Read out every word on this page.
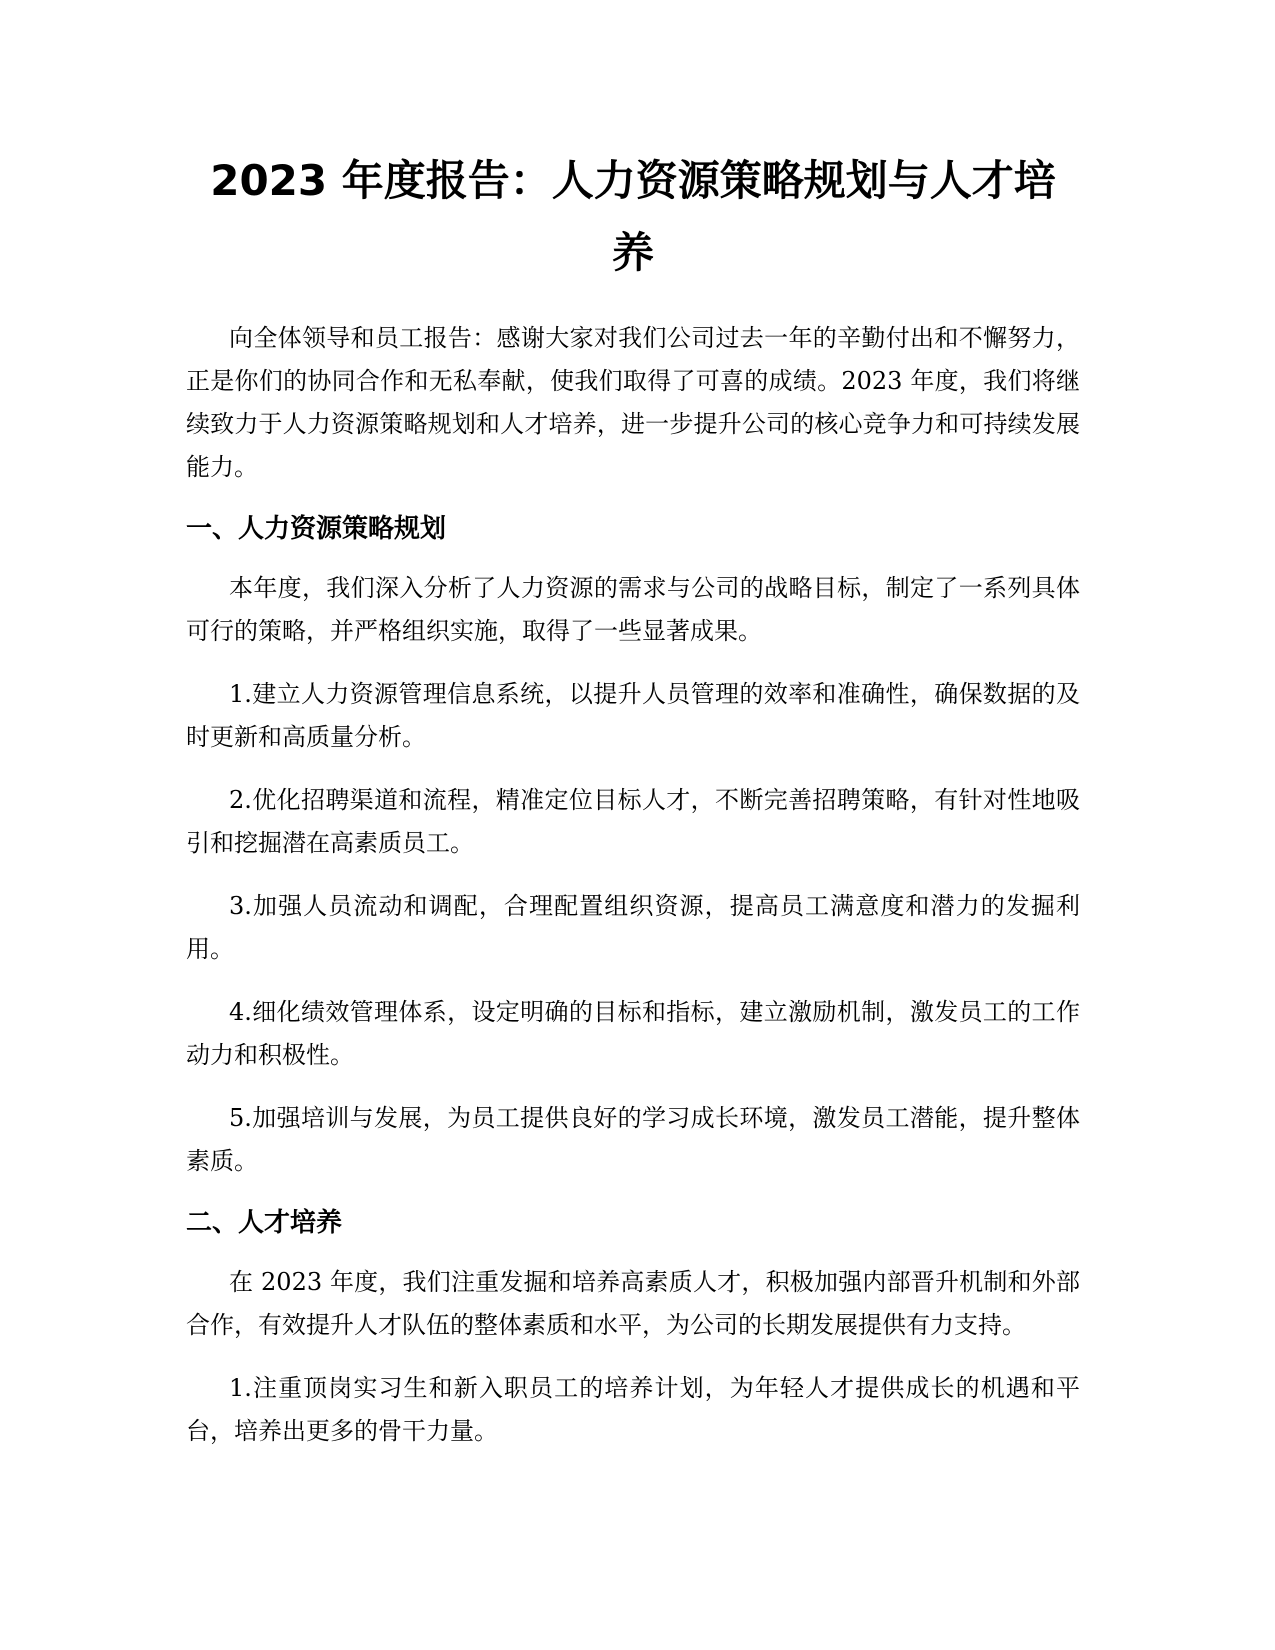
2023 年度报告：人力资源策略规划与人才培养

向全体领导和员工报告：感谢大家对我们公司过去一年的辛勤付出和不懈努力，正是你们的协同合作和无私奉献，使我们取得了可喜的成绩。2023 年度，我们将继续致力于人力资源策略规划和人才培养，进一步提升公司的核心竞争力和可持续发展能力。

一、人力资源策略规划

本年度，我们深入分析了人力资源的需求与公司的战略目标，制定了一系列具体可行的策略，并严格组织实施，取得了一些显著成果。

1.建立人力资源管理信息系统，以提升人员管理的效率和准确性，确保数据的及时更新和高质量分析。

2.优化招聘渠道和流程，精准定位目标人才，不断完善招聘策略，有针对性地吸引和挖掘潜在高素质员工。

3.加强人员流动和调配，合理配置组织资源，提高员工满意度和潜力的发掘利用。

4.细化绩效管理体系，设定明确的目标和指标，建立激励机制，激发员工的工作动力和积极性。

5.加强培训与发展，为员工提供良好的学习成长环境，激发员工潜能，提升整体素质。

二、人才培养

在 2023 年度，我们注重发掘和培养高素质人才，积极加强内部晋升机制和外部合作，有效提升人才队伍的整体素质和水平，为公司的长期发展提供有力支持。

1.注重顶岗实习生和新入职员工的培养计划，为年轻人才提供成长的机遇和平台，培养出更多的骨干力量。
